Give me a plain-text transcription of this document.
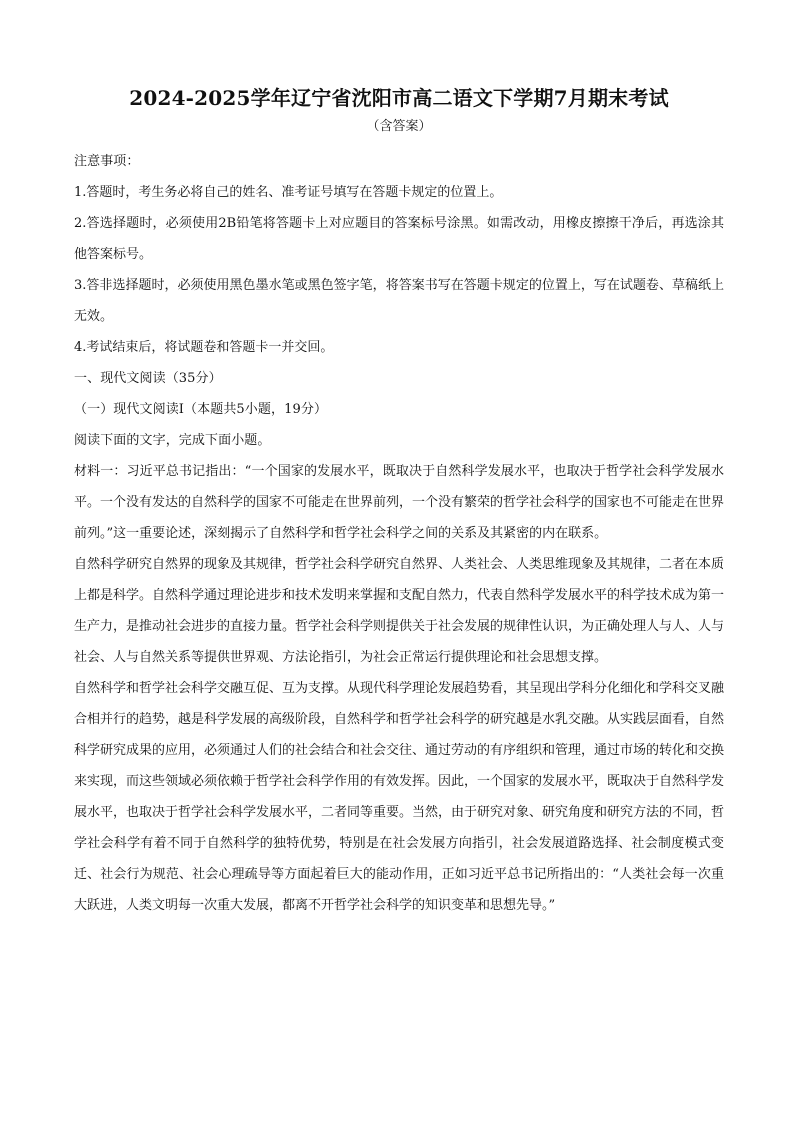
2024-2025学年辽宁省沈阳市高二语文下学期7月期末考试
（含答案）

注意事项：

1.答题时，考生务必将自己的姓名、准考证号填写在答题卡规定的位置上。

2.答选择题时，必须使用2B铅笔将答题卡上对应题目的答案标号涂黑。如需改动，用橡皮擦擦干净后，再选涂其他答案标号。

3.答非选择题时，必须使用黑色墨水笔或黑色签字笔，将答案书写在答题卡规定的位置上，写在试题卷、草稿纸上无效。

4.考试结束后，将试题卷和答题卡一并交回。

一、现代文阅读（35分）

（一）现代文阅读Ⅰ（本题共5小题，19分）

阅读下面的文字，完成下面小题。

材料一：习近平总书记指出：“一个国家的发展水平，既取决于自然科学发展水平，也取决于哲学社会科学发展水平。一个没有发达的自然科学的国家不可能走在世界前列，一个没有繁荣的哲学社会科学的国家也不可能走在世界前列。”这一重要论述，深刻揭示了自然科学和哲学社会科学之间的关系及其紧密的内在联系。

自然科学研究自然界的现象及其规律，哲学社会科学研究自然界、人类社会、人类思维现象及其规律，二者在本质上都是科学。自然科学通过理论进步和技术发明来掌握和支配自然力，代表自然科学发展水平的科学技术成为第一生产力，是推动社会进步的直接力量。哲学社会科学则提供关于社会发展的规律性认识，为正确处理人与人、人与社会、人与自然关系等提供世界观、方法论指引，为社会正常运行提供理论和社会思想支撑。

自然科学和哲学社会科学交融互促、互为支撑。从现代科学理论发展趋势看，其呈现出学科分化细化和学科交叉融合相并行的趋势，越是科学发展的高级阶段，自然科学和哲学社会科学的研究越是水乳交融。从实践层面看，自然科学研究成果的应用，必须通过人们的社会结合和社会交往、通过劳动的有序组织和管理，通过市场的转化和交换来实现，而这些领域必须依赖于哲学社会科学作用的有效发挥。因此，一个国家的发展水平，既取决于自然科学发展水平，也取决于哲学社会科学发展水平，二者同等重要。当然，由于研究对象、研究角度和研究方法的不同，哲学社会科学有着不同于自然科学的独特优势，特别是在社会发展方向指引，社会发展道路选择、社会制度模式变迁、社会行为规范、社会心理疏导等方面起着巨大的能动作用，正如习近平总书记所指出的：“人类社会每一次重大跃进，人类文明每一次重大发展，都离不开哲学社会科学的知识变革和思想先导。”
